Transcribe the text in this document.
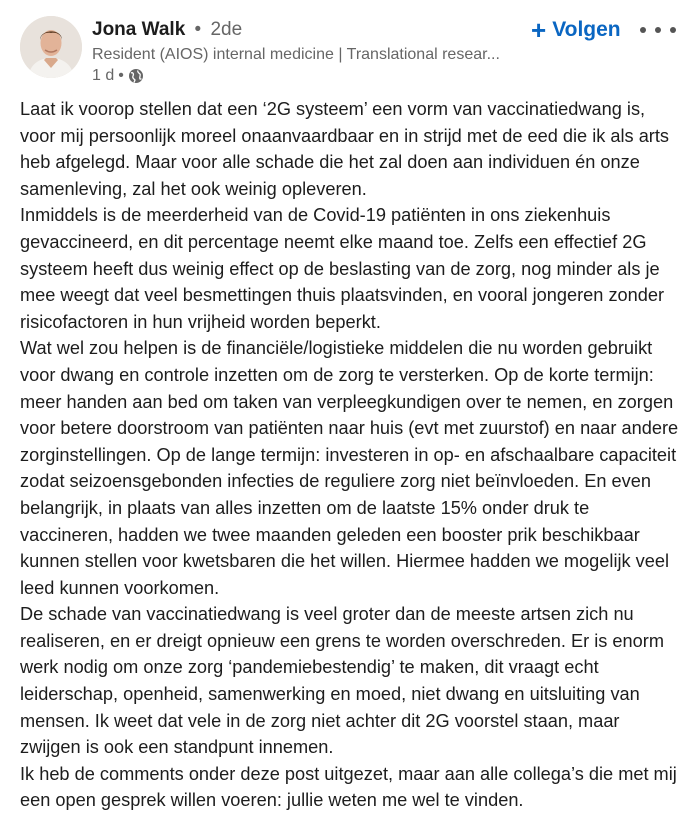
Jona Walk • 2de
Resident (AIOS) internal medicine | Translational resear...
1 d •
+ Volgen

Laat ik voorop stellen dat een ‘2G systeem’ een vorm van vaccinatiedwang is, voor mij persoonlijk moreel onaanvaardbaar en in strijd met de eed die ik als arts heb afgelegd. Maar voor alle schade die het zal doen aan individuen én onze samenleving, zal het ook weinig opleveren.

Inmiddels is de meerderheid van de Covid-19 patiënten in ons ziekenhuis gevaccineerd, en dit percentage neemt elke maand toe. Zelfs een effectief 2G systeem heeft dus weinig effect op de beslasting van de zorg, nog minder als je mee weegt dat veel besmettingen thuis plaatsvinden, en vooral jongeren zonder risicofactoren in hun vrijheid worden beperkt.

Wat wel zou helpen is de financiële/logistieke middelen die nu worden gebruikt voor dwang en controle inzetten om de zorg te versterken. Op de korte termijn: meer handen aan bed om taken van verpleegkundigen over te nemen, en zorgen voor betere doorstroom van patiënten naar huis (evt met zuurstof) en naar andere zorginstellingen. Op de lange termijn: investeren in op- en afschaalbare capaciteit zodat seizoensgebonden infecties de reguliere zorg niet beïnvloeden. En even belangrijk, in plaats van alles inzetten om de laatste 15% onder druk te vaccineren, hadden we twee maanden geleden een booster prik beschikbaar kunnen stellen voor kwetsbaren die het willen. Hiermee hadden we mogelijk veel leed kunnen voorkomen.

De schade van vaccinatiedwang is veel groter dan de meeste artsen zich nu realiseren, en er dreigt opnieuw een grens te worden overschreden. Er is enorm werk nodig om onze zorg ‘pandemiebestendig’ te maken, dit vraagt echt leiderschap, openheid, samenwerking en moed, niet dwang en uitsluiting van mensen. Ik weet dat vele in de zorg niet achter dit 2G voorstel staan, maar zwijgen is ook een standpunt innemen.

Ik heb de comments onder deze post uitgezet, maar aan alle collega’s die met mij een open gesprek willen voeren: jullie weten me wel te vinden.
